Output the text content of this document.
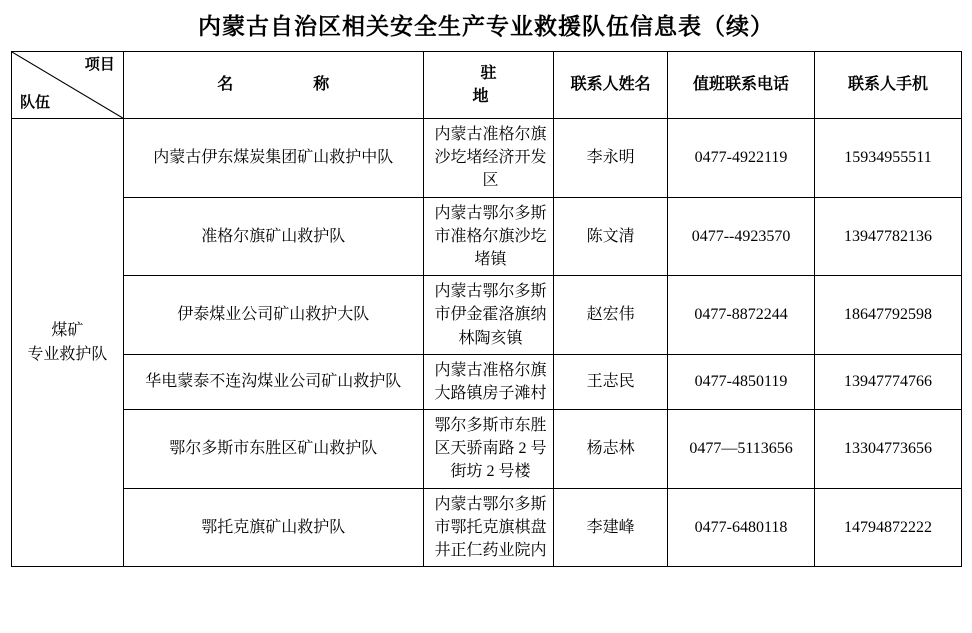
内蒙古自治区相关安全生产专业救援队伍信息表（续）
项目
队伍	名　　称	驻　　地	联系人姓名	值班联系电话	联系人手机

煤矿
专业救护队	内蒙古伊东煤炭集团矿山救护中队	内蒙古准格尔旗沙圪堵经济开发区	李永明	0477-4922119	15934955511
	准格尔旗矿山救护队	内蒙古鄂尔多斯市准格尔旗沙圪堵镇	陈文清	0477--4923570	13947782136
	伊泰煤业公司矿山救护大队	内蒙古鄂尔多斯市伊金霍洛旗纳林陶亥镇	赵宏伟	0477-8872244	18647792598
	华电蒙泰不连沟煤业公司矿山救护队	内蒙古准格尔旗大路镇房子滩村	王志民	0477-4850119	13947774766
	鄂尔多斯市东胜区矿山救护队	鄂尔多斯市东胜区天骄南路 2 号街坊 2 号楼	杨志林	0477—5113656	13304773656
	鄂托克旗矿山救护队	内蒙古鄂尔多斯市鄂托克旗棋盘井正仁药业院内	李建峰	0477-6480118	14794872222
